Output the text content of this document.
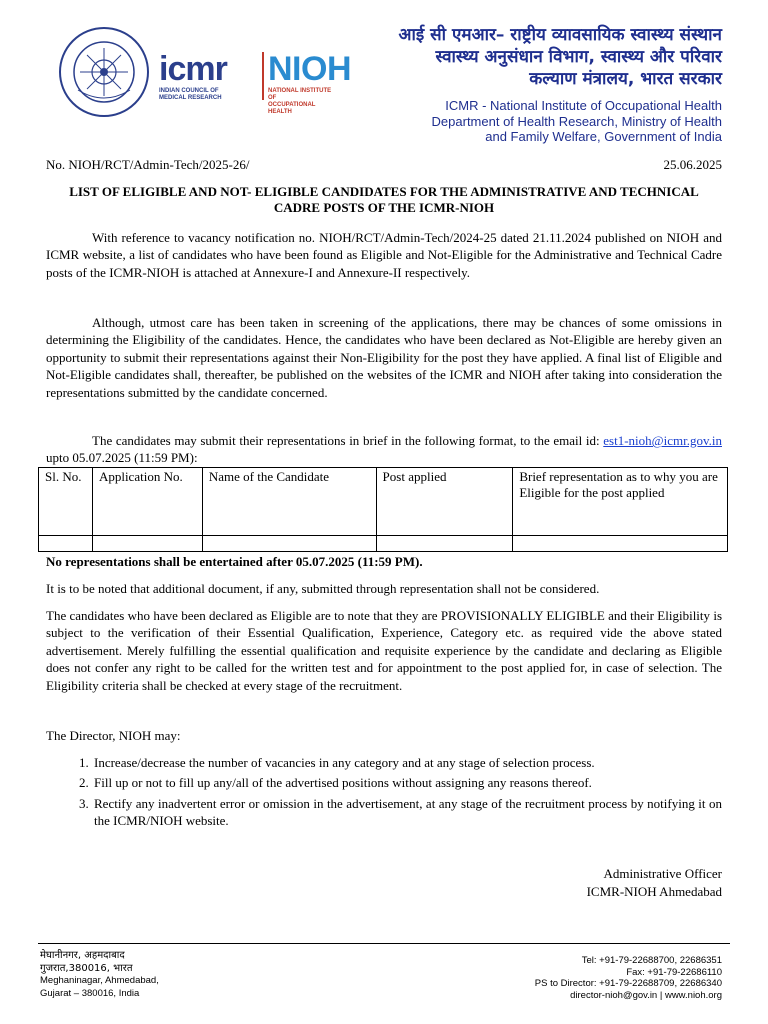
icmr
INDIAN COUNCIL OF
MEDICAL RESEARCH
NIOH
NATIONAL INSTITUTE OF
OCCUPATIONAL HEALTH
आई सी एमआर– राष्ट्रीय व्यावसायिक स्वास्थ्य संस्थान
स्वास्थ्य अनुसंधान विभाग, स्वास्थ्य और परिवार
कल्याण मंत्रालय, भारत सरकार
ICMR - National Institute of Occupational Health
Department of Health Research, Ministry of Health
and Family Welfare, Government of India
No. NIOH/RCT/Admin-Tech/2025-26/	25.06.2025
LIST OF ELIGIBLE AND NOT- ELIGIBLE CANDIDATES FOR THE ADMINISTRATIVE AND TECHNICAL CADRE POSTS OF THE ICMR-NIOH
With reference to vacancy notification no. NIOH/RCT/Admin-Tech/2024-25 dated 21.11.2024 published on NIOH and ICMR website, a list of candidates who have been found as Eligible and Not-Eligible for the Administrative and Technical Cadre posts of the ICMR-NIOH is attached at Annexure-I and Annexure-II respectively.
Although, utmost care has been taken in screening of the applications, there may be chances of some omissions in determining the Eligibility of the candidates. Hence, the candidates who have been declared as Not-Eligible are hereby given an opportunity to submit their representations against their Non-Eligibility for the post they have applied. A final list of Eligible and Not-Eligible candidates shall, thereafter, be published on the websites of the ICMR and NIOH after taking into consideration the representations submitted by the candidate concerned.
The candidates may submit their representations in brief in the following format, to the email id: est1-nioh@icmr.gov.in upto 05.07.2025 (11:59 PM):
Sl. No.	Application No.	Name of the Candidate	Post applied	Brief representation as to why you are Eligible for the post applied

No representations shall be entertained after 05.07.2025 (11:59 PM).
It is to be noted that additional document, if any, submitted through representation shall not be considered.
The candidates who have been declared as Eligible are to note that they are PROVISIONALLY ELIGIBLE and their Eligibility is subject to the verification of their Essential Qualification, Experience, Category etc. as required vide the above stated advertisement. Merely fulfilling the essential qualification and requisite experience by the candidate and declaring as Eligible does not confer any right to be called for the written test and for appointment to the post applied for, in case of selection. The Eligibility criteria shall be checked at every stage of the recruitment.
The Director, NIOH may:
1. Increase/decrease the number of vacancies in any category and at any stage of selection process.
2. Fill up or not to fill up any/all of the advertised positions without assigning any reasons thereof.
3. Rectify any inadvertent error or omission in the advertisement, at any stage of the recruitment process by notifying it on the ICMR/NIOH website.
Administrative Officer
ICMR-NIOH Ahmedabad
मेघानीनगर, अहमदाबाद
गुजरात,380016, भारत
Meghaninagar, Ahmedabad,
Gujarat – 380016, India
Tel: +91-79-22688700, 22686351
Fax: +91-79-22686110
PS to Director: +91-79-22688709, 22686340
director-nioh@gov.in | www.nioh.org
